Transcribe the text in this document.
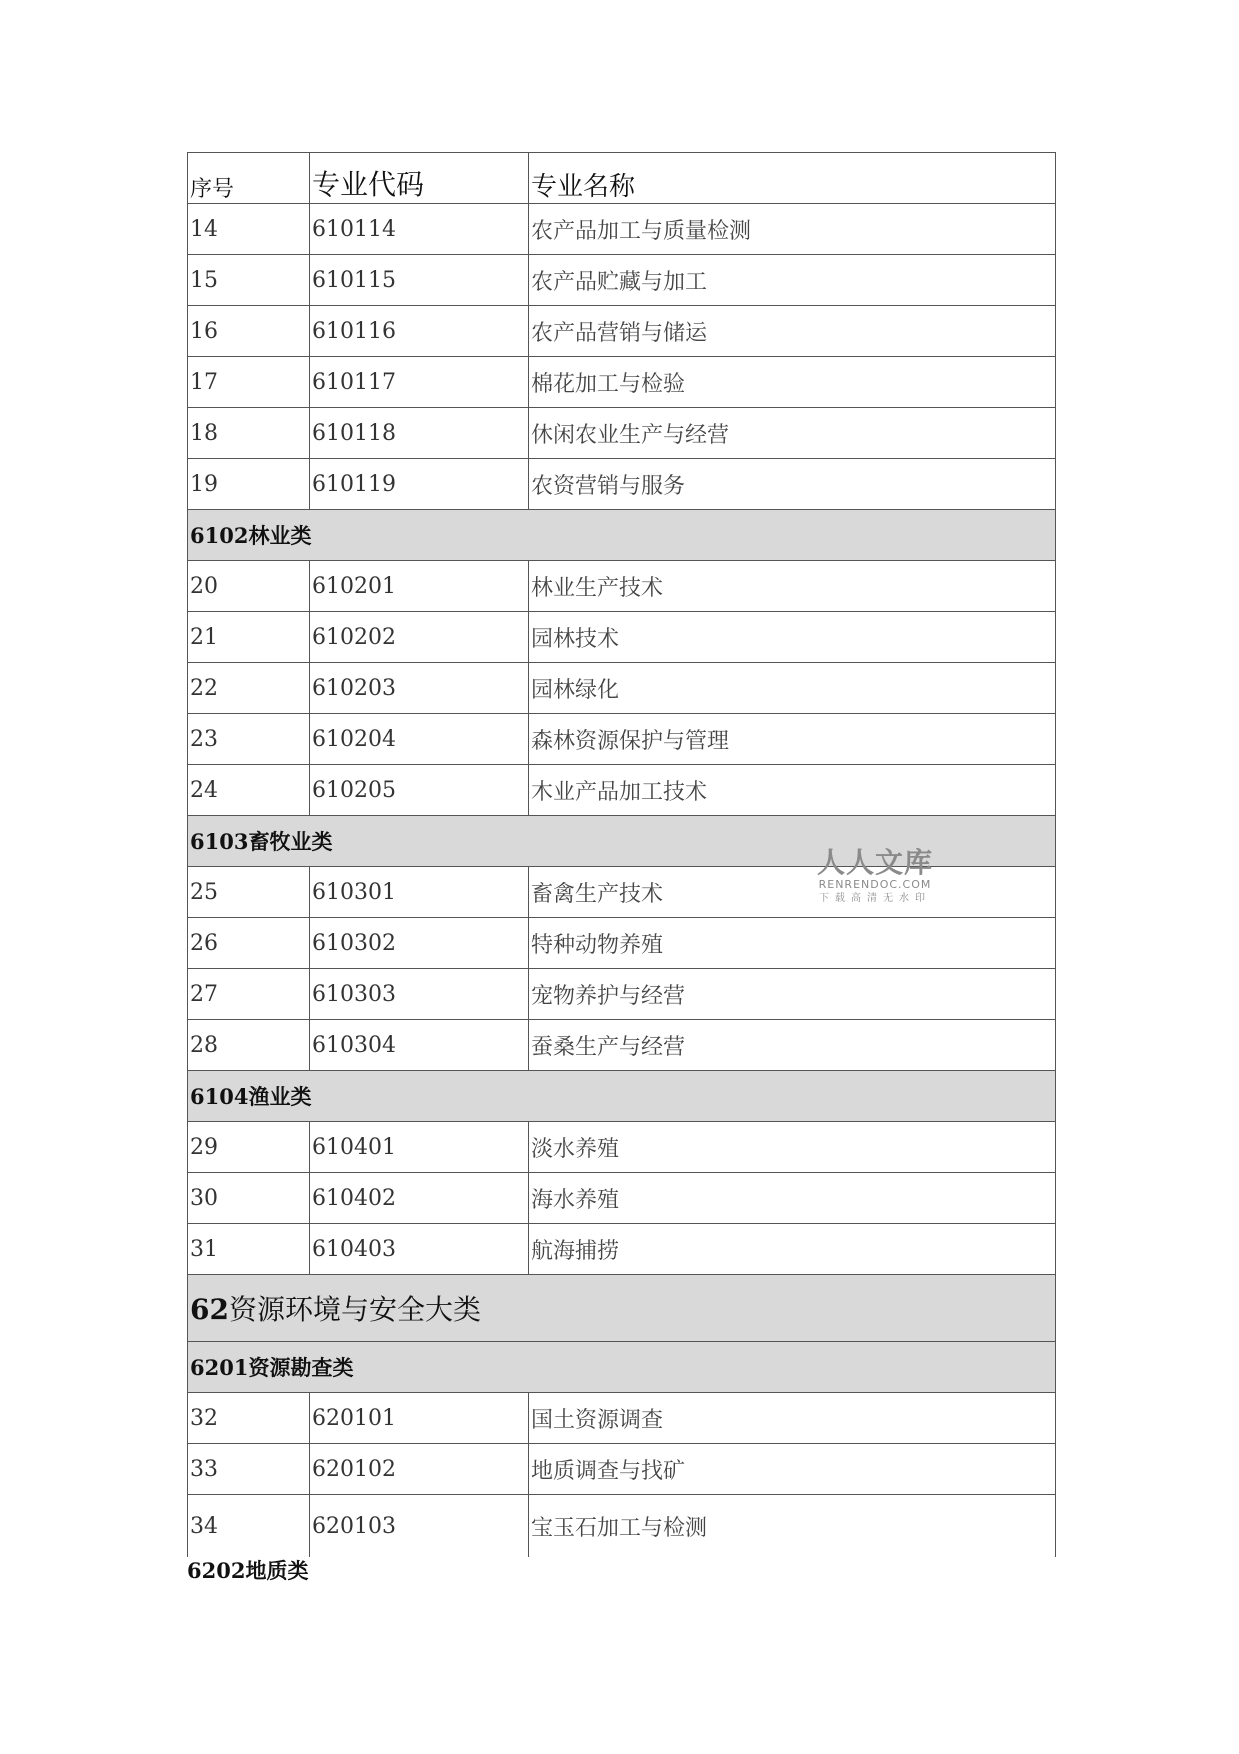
序号	专业代码	专业名称
14	610114	农产品加工与质量检测
15	610115	农产品贮藏与加工
16	610116	农产品营销与储运
17	610117	棉花加工与检验
18	610118	休闲农业生产与经营
19	610119	农资营销与服务
6102林业类		
20	610201	林业生产技术
21	610202	园林技术
22	610203	园林绿化
23	610204	森林资源保护与管理
24	610205	木业产品加工技术
6103畜牧业类		
25	610301	畜禽生产技术
26	610302	特种动物养殖
27	610303	宠物养护与经营
28	610304	蚕桑生产与经营
6104渔业类		
29	610401	淡水养殖
30	610402	海水养殖
31	610403	航海捕捞
62资源环境与安全大类		
6201资源勘查类		
32	620101	国土资源调查
33	620102	地质调查与找矿
34	620103	宝玉石加工与检测
6202地质类
人人文库
RENRENDOC.COM
下载高清无水印
